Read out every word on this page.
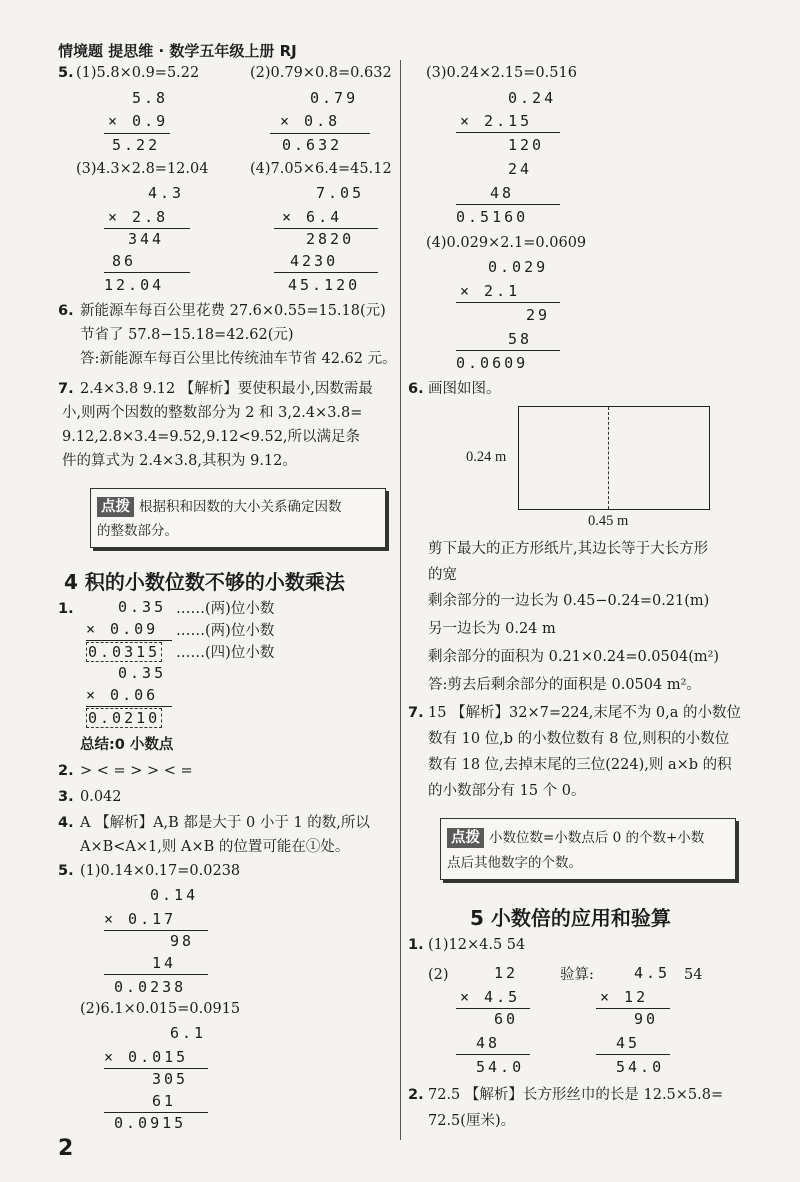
情境题 提思维 · 数学五年级上册 RJ
5. (1)5.8×0.9=5.22	(2)0.79×0.8=0.632
5.8
× 0.9
5.22
0.79
× 0.8
0.632
(3)4.3×2.8=12.04	(4)7.05×6.4=45.12
4.3
× 2.8
344
86
12.04
7.05
× 6.4
2820
4230
45.120
6. 新能源车每百公里花费 27.6×0.55=15.18(元)
节省了 57.8−15.18=42.62(元)
答:新能源车每百公里比传统油车节省 42.62 元。
7. 2.4×3.8 9.12 【解析】要使积最小,因数需最
小,则两个因数的整数部分为 2 和 3,2.4×3.8=
9.12,2.8×3.4=9.52,9.12<9.52,所以满足条
件的算式为 2.4×3.8,其积为 9.12。
点拨 根据积和因数的大小关系确定因数
的整数部分。
4 积的小数位数不够的小数乘法
1.	0.35 ……(两)位小数
× 0.09 ……(两)位小数
0.0315 ……(四)位小数
0.35
× 0.06
0.0210
总结:0 小数点
2. > < = > > < =
3. 0.042
4. A 【解析】A,B 都是大于 0 小于 1 的数,所以
A×B<A×1,则 A×B 的位置可能在①处。
5. (1)0.14×0.17=0.0238
0.14
× 0.17
98
14
0.0238
(2)6.1×0.015=0.0915
6.1
× 0.015
305
61
0.0915
2
(3)0.24×2.15=0.516
0.24
× 2.15
120
24
48
0.5160
(4)0.029×2.1=0.0609
0.029
× 2.1
29
58
0.0609
6. 画图如图。
0.24 m
0.45 m
剪下最大的正方形纸片,其边长等于大长方形
的宽
剩余部分的一边长为 0.45−0.24=0.21(m)
另一边长为 0.24 m
剩余部分的面积为 0.21×0.24=0.0504(m²)
答:剪去后剩余部分的面积是 0.0504 m²。
7. 15 【解析】32×7=224,末尾不为 0,a 的小数位
数有 10 位,b 的小数位数有 8 位,则积的小数位
数有 18 位,去掉末尾的三位(224),则 a×b 的积
的小数部分有 15 个 0。
点拨 小数位数=小数点后 0 的个数+小数
点后其他数字的个数。
5 小数倍的应用和验算
1. (1)12×4.5 54
(2)	12
× 4.5
60
48
54.0
验算:	4.5 54
× 12
90
45
54.0
2. 72.5 【解析】长方形丝巾的长是 12.5×5.8=
72.5(厘米)。
